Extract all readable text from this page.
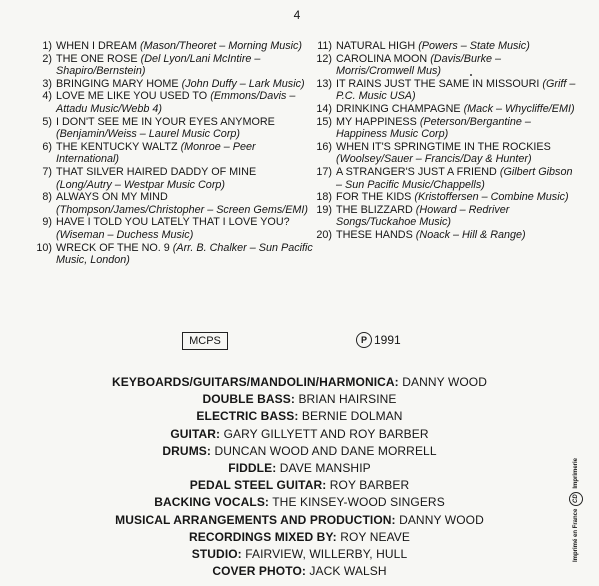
4
1) WHEN I DREAM (Mason/Theoret – Morning Music)
2) THE ONE ROSE (Del Lyon/Lani McIntire – Shapiro/Bernstein)
3) BRINGING MARY HOME (John Duffy – Lark Music)
4) LOVE ME LIKE YOU USED TO (Emmons/Davis – Attadu Music/Webb 4)
5) I DON'T SEE ME IN YOUR EYES ANYMORE (Benjamin/Weiss – Laurel Music Corp)
6) THE KENTUCKY WALTZ (Monroe – Peer International)
7) THAT SILVER HAIRED DADDY OF MINE (Long/Autry – Westpar Music Corp)
8) ALWAYS ON MY MIND (Thompson/James/Christopher – Screen Gems/EMI)
9) HAVE I TOLD YOU LATELY THAT I LOVE YOU? (Wiseman – Duchess Music)
10) WRECK OF THE NO. 9 (Arr. B. Chalker – Sun Pacific Music, London)
11) NATURAL HIGH (Powers – State Music)
12) CAROLINA MOON (Davis/Burke – Morris/Cromwell Mus)
13) IT RAINS JUST THE SAME IN MISSOURI (Griff – P.C. Music USA)
14) DRINKING CHAMPAGNE (Mack – Whycliffe/EMI)
15) MY HAPPINESS (Peterson/Bergantine – Happiness Music Corp)
16) WHEN IT'S SPRINGTIME IN THE ROCKIES (Woolsey/Sauer – Francis/Day & Hunter)
17) A STRANGER'S JUST A FRIEND (Gilbert Gibson – Sun Pacific Music/Chappells)
18) FOR THE KIDS (Kristoffersen – Combine Music)
19) THE BLIZZARD (Howard – Redriver Songs/Tuckahoe Music)
20) THESE HANDS (Noack – Hill & Range)
MCPS	P 1991
KEYBOARDS/GUITARS/MANDOLIN/HARMONICA: DANNY WOOD
DOUBLE BASS: BRIAN HAIRSINE
ELECTRIC BASS: BERNIE DOLMAN
GUITAR: GARY GILLYETT AND ROY BARBER
DRUMS: DUNCAN WOOD AND DANE MORRELL
FIDDLE: DAVE MANSHIP
PEDAL STEEL GUITAR: ROY BARBER
BACKING VOCALS: THE KINSEY-WOOD SINGERS
MUSICAL ARRANGEMENTS AND PRODUCTION: DANNY WOOD
RECORDINGS MIXED BY: ROY NEAVE
STUDIO: FAIRVIEW, WILLERBY, HULL
COVER PHOTO: JACK WALSH
Imprimé en France
CD
Imprimerie
